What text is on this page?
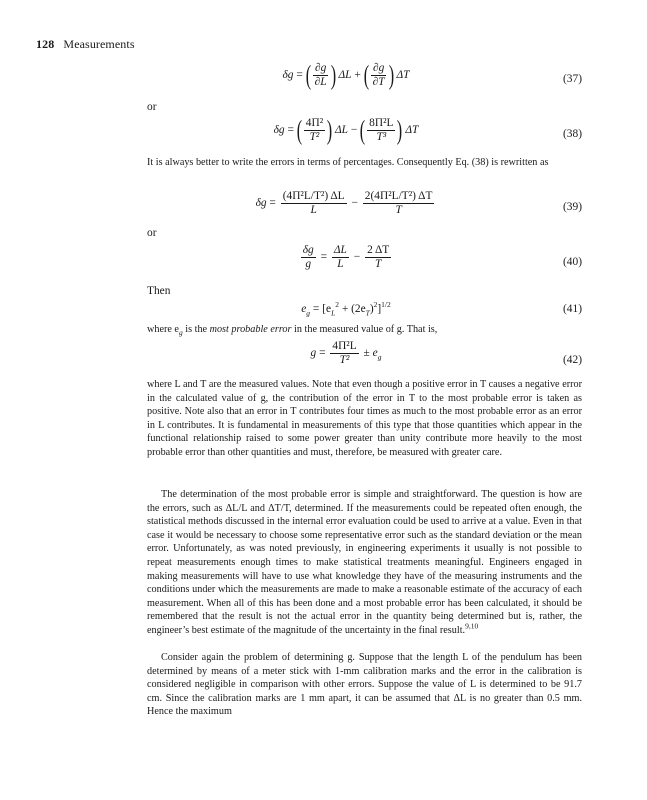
128 Measurements
δg = ( $\frac{\partial g}{\partial L}$ ) ΔL + ( $\frac{\partial g}{\partial T}$ ) ΔT	(37)
or
δg = ( $\frac{\text{4Π²}}{\text{T²}}$ ) ΔL − ( $\frac{\text{8Π²L}}{\text{T³}}$ ) ΔT	(38)
It is always better to write the errors in terms of percentages. Consequently Eq. (38) is rewritten as
$\delta g = \frac{\text{(4Π²L/T²) ΔL}}{L} - \frac{\text{2(4Π²L/T²) ΔT}}{T}$	(39)
or
$\frac{\delta g}{g} = \frac{\Delta L}{L} - \frac{2 \Delta T}{T}$	(40)
Then
$e_g = [e_L^2 + (2e_T)^2]^{1/2}$	(41)
where $e_g$ is the most probable error in the measured value of g. That is,
$g = \frac{\text{4Π²L}}{\text{T²}} \pm e_g$	(42)
where L and T are the measured values. Note that even though a positive error in T causes a negative error in the calculated value of g, the contribution of the error in T to the most probable error is taken as positive. Note also that an error in T contributes four times as much to the most probable error as an error in L contributes. It is fundamental in measurements of this type that those quantities which appear in the functional relationship raised to some power greater than unity contribute more heavily to the most probable error than other quantities and must, therefore, be measured with greater care.
The determination of the most probable error is simple and straightforward. The question is how are the errors, such as ΔL/L and ΔT/T, determined. If the measurements could be repeated often enough, the statistical methods discussed in the internal error evaluation could be used to arrive at a value. Even in that case it would be necessary to choose some representative error such as the standard deviation or the mean error. Unfortunately, as was noted previously, in engineering experiments it usually is not possible to repeat measurements enough times to make statistical treatments meaningful. Engineers engaged in making measurements will have to use what knowledge they have of the measuring instruments and the conditions under which the measurements are made to make a reasonable estimate of the accuracy of each measurement. When all of this has been done and a most probable error has been calculated, it should be remembered that the result is not the actual error in the quantity being determined but is, rather, the engineer’s best estimate of the magnitude of the uncertainty in the final result.$^{9,10}$
Consider again the problem of determining g. Suppose that the length L of the pendulum has been determined by means of a meter stick with 1-mm calibration marks and the error in the calibration is considered negligible in comparison with other errors. Suppose the value of L is determined to be 91.7 cm. Since the calibration marks are 1 mm apart, it can be assumed that ΔL is no greater than 0.5 mm. Hence the maximum
